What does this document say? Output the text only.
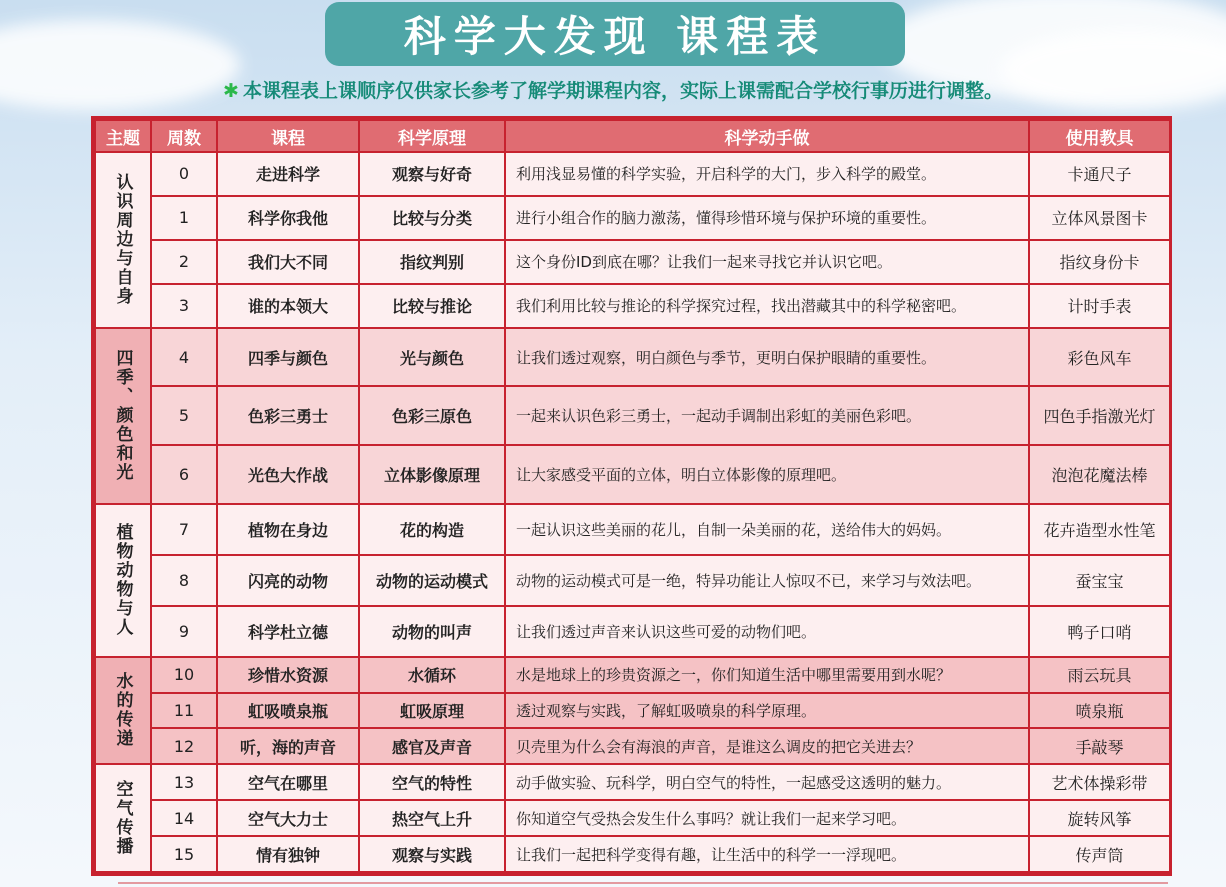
科学大发现 课程表
✱ 本课程表上课顺序仅供家长参考了解学期课程内容，实际上课需配合学校行事历进行调整。
主题	周数	课程	科学原理	科学动手做	使用教具
认识周边与自身	0	走进科学	观察与好奇	利用浅显易懂的科学实验，开启科学的大门，步入科学的殿堂。	卡通尺子
	1	科学你我他	比较与分类	进行小组合作的脑力激荡，懂得珍惜环境与保护环境的重要性。	立体风景图卡
	2	我们大不同	指纹判别	这个身份ID到底在哪？让我们一起来寻找它并认识它吧。	指纹身份卡
	3	谁的本领大	比较与推论	我们利用比较与推论的科学探究过程，找出潜藏其中的科学秘密吧。	计时手表
四季、颜色和光	4	四季与颜色	光与颜色	让我们透过观察，明白颜色与季节，更明白保护眼睛的重要性。	彩色风车
	5	色彩三勇士	色彩三原色	一起来认识色彩三勇士，一起动手调制出彩虹的美丽色彩吧。	四色手指激光灯
	6	光色大作战	立体影像原理	让大家感受平面的立体，明白立体影像的原理吧。	泡泡花魔法棒
植物动物与人	7	植物在身边	花的构造	一起认识这些美丽的花儿，自制一朵美丽的花，送给伟大的妈妈。	花卉造型水性笔
	8	闪亮的动物	动物的运动模式	动物的运动模式可是一绝，特异功能让人惊叹不已，来学习与效法吧。	蚕宝宝
	9	科学杜立德	动物的叫声	让我们透过声音来认识这些可爱的动物们吧。	鸭子口哨
水的传递	10	珍惜水资源	水循环	水是地球上的珍贵资源之一，你们知道生活中哪里需要用到水呢？	雨云玩具
	11	虹吸喷泉瓶	虹吸原理	透过观察与实践，了解虹吸喷泉的科学原理。	喷泉瓶
	12	听，海的声音	感官及声音	贝壳里为什么会有海浪的声音，是谁这么调皮的把它关进去？	手敲琴
空气传播	13	空气在哪里	空气的特性	动手做实验、玩科学，明白空气的特性，一起感受这透明的魅力。	艺术体操彩带
	14	空气大力士	热空气上升	你知道空气受热会发生什么事吗？就让我们一起来学习吧。	旋转风筝
	15	情有独钟	观察与实践	让我们一起把科学变得有趣，让生活中的科学一一浮现吧。	传声筒
